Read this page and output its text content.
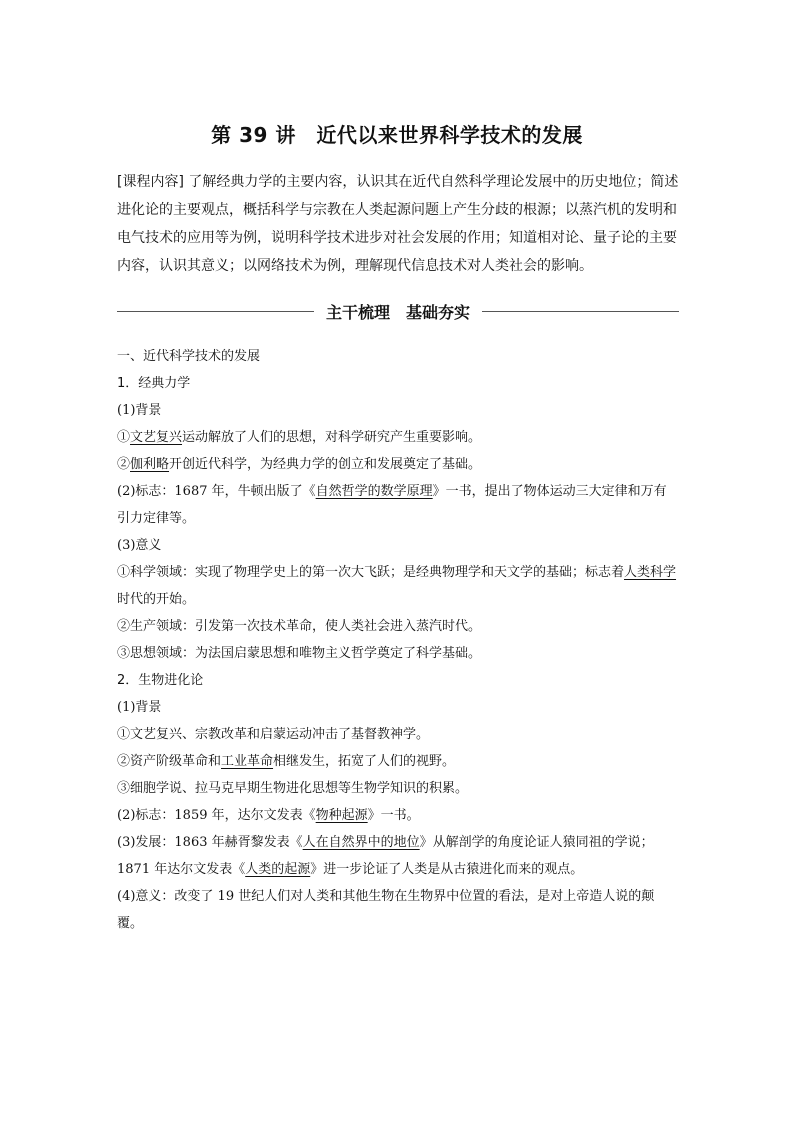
第 39 讲　近代以来世界科学技术的发展
[课程内容] 了解经典力学的主要内容，认识其在近代自然科学理论发展中的历史地位；简述进化论的主要观点，概括科学与宗教在人类起源问题上产生分歧的根源；以蒸汽机的发明和电气技术的应用等为例，说明科学技术进步对社会发展的作用；知道相对论、量子论的主要内容，认识其意义；以网络技术为例，理解现代信息技术对人类社会的影响。
主干梳理　基础夯实
一、近代科学技术的发展
1．经典力学
(1)背景
①文艺复兴运动解放了人们的思想，对科学研究产生重要影响。
②伽利略开创近代科学，为经典力学的创立和发展奠定了基础。
(2)标志：1687 年，牛顿出版了《自然哲学的数学原理》一书，提出了物体运动三大定律和万有引力定律等。
(3)意义
①科学领域：实现了物理学史上的第一次大飞跃；是经典物理学和天文学的基础；标志着人类科学时代的开始。
②生产领域：引发第一次技术革命，使人类社会进入蒸汽时代。
③思想领域：为法国启蒙思想和唯物主义哲学奠定了科学基础。
2．生物进化论
(1)背景
①文艺复兴、宗教改革和启蒙运动冲击了基督教神学。
②资产阶级革命和工业革命相继发生，拓宽了人们的视野。
③细胞学说、拉马克早期生物进化思想等生物学知识的积累。
(2)标志：1859 年，达尔文发表《物种起源》一书。
(3)发展：1863 年赫胥黎发表《人在自然界中的地位》从解剖学的角度论证人猿同祖的学说；1871 年达尔文发表《人类的起源》进一步论证了人类是从古猿进化而来的观点。
(4)意义：改变了 19 世纪人们对人类和其他生物在生物界中位置的看法，是对上帝造人说的颠覆。
